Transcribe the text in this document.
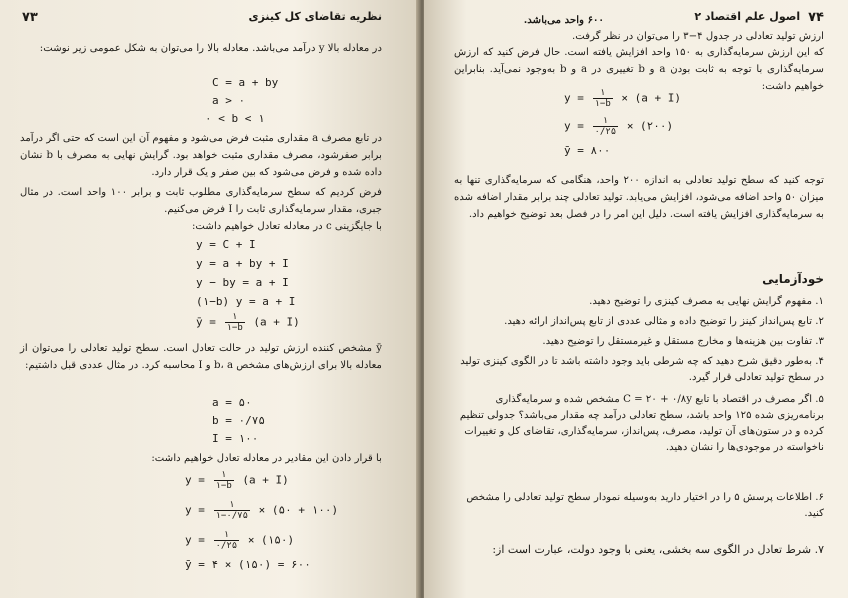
۷۳	نظریه تقاضای کل کینزی
در معادله بالا y درآمد می‌باشد. معادله بالا را می‌توان به شکل عمومی زیر نوشت:
C = a + by
a > ۰
۰ < b < ۱
در تابع مصرف a مقداری مثبت فرض می‌شود و مفهوم آن این است که حتی اگر درآمد برابر صفرشود، مصرف مقداری مثبت خواهد بود. گرایش نهایی به مصرف با b نشان داده شده و فرض می‌شود که بین صفر و یک قرار دارد.
فرض کردیم که سطح سرمایه‌گذاری مطلوب ثابت و برابر ۱۰۰ واحد است. در مثال جبری، مقدار سرمایه‌گذاری ثابت را I فرض می‌کنیم.
با جایگزینی c در معادله تعادل خواهیم داشت:
y = C + I
y = a + by + I
y − by = a + I
(۱−b) y = a + I
ȳ = $\frac{۱}{۱-b} (a + I)$
ȳ مشخص کننده ارزش تولید در حالت تعادل است. سطح تولید تعادلی را می‌توان از معادله بالا برای ارزش‌های مشخص b، a و I محاسبه کرد. در مثال عددی قبل داشتیم:
a = ۵۰
b = ۰/۷۵
I = ۱۰۰
با قرار دادن این مقادیر در معادله تعادل خواهیم داشت:
$y = \frac{۱}{۱-b} (a + I)$
$y = \frac{۱}{۱-۰/۷۵}$ × (۵۰ + ۱۰۰)
$y = \frac{۱}{۰/۲۵}$ × (۱۵۰)
ȳ = ۴ × (۱۵۰) = ۶۰۰
۷۴
اصول علم اقتصاد ۲
۶۰۰ واحد می‌باشد.
ارزش تولید تعادلی در جدول ۴−۳ را می‌توان در نظر گرفت.
که این ارزش سرمایه‌گذاری به ۱۵۰ واحد افزایش یافته است. حال فرض کنید که ارزش سرمایه‌گذاری با توجه به ثابت بودن a و b تغییری در a و b به‌وجود نمی‌آید. بنابراین خواهیم داشت:
$y = \frac{۱}{۱-b} \times (a + I)$
$y = \frac{۱}{۰/۲۵}$ × (۲۰۰)
ȳ = ۸۰۰
توجه کنید که سطح تولید تعادلی به اندازه ۲۰۰ واحد، هنگامی که سرمایه‌گذاری تنها به میزان ۵۰ واحد اضافه می‌شود، افزایش می‌یابد. تولید تعادلی چند برابر مقدار اضافه شده به سرمایه‌گذاری افزایش یافته است. دلیل این امر را در فصل بعد توضیح خواهیم داد.
خودآزمایی
۱. مفهوم گرایش نهایی به مصرف کینزی را توضیح دهید.
۲. تابع پس‌انداز کینز را توضیح داده و مثالی عددی از تابع پس‌انداز ارائه دهید.
۳. تفاوت بین هزینه‌ها و مخارج مستقل و غیرمستقل را توضیح دهید.
۴. به‌طور دقیق شرح دهید که چه شرطی باید وجود داشته باشد تا در الگوی کینزی تولید در سطح تولید تعادلی قرار گیرد.
۵. اگر مصرف در اقتصاد با تابع C = ۲۰ + ۰/۸y مشخص شده و سرمایه‌گذاری برنامه‌ریزی شده ۱۲۵ واحد باشد، سطح تعادلی درآمد چه مقدار می‌باشد؟ جدولی تنظیم کرده و در ستون‌های آن تولید، مصرف، پس‌انداز، سرمایه‌گذاری، تقاضای کل و تغییرات ناخواسته در موجودی‌ها را نشان دهید.
۶. اطلاعات پرسش ۵ را در اختیار دارید به‌وسیله نمودار سطح تولید تعادلی را مشخص کنید.
۷. شرط تعادل در الگوی سه بخشی، یعنی با وجود دولت، عبارت است از:
